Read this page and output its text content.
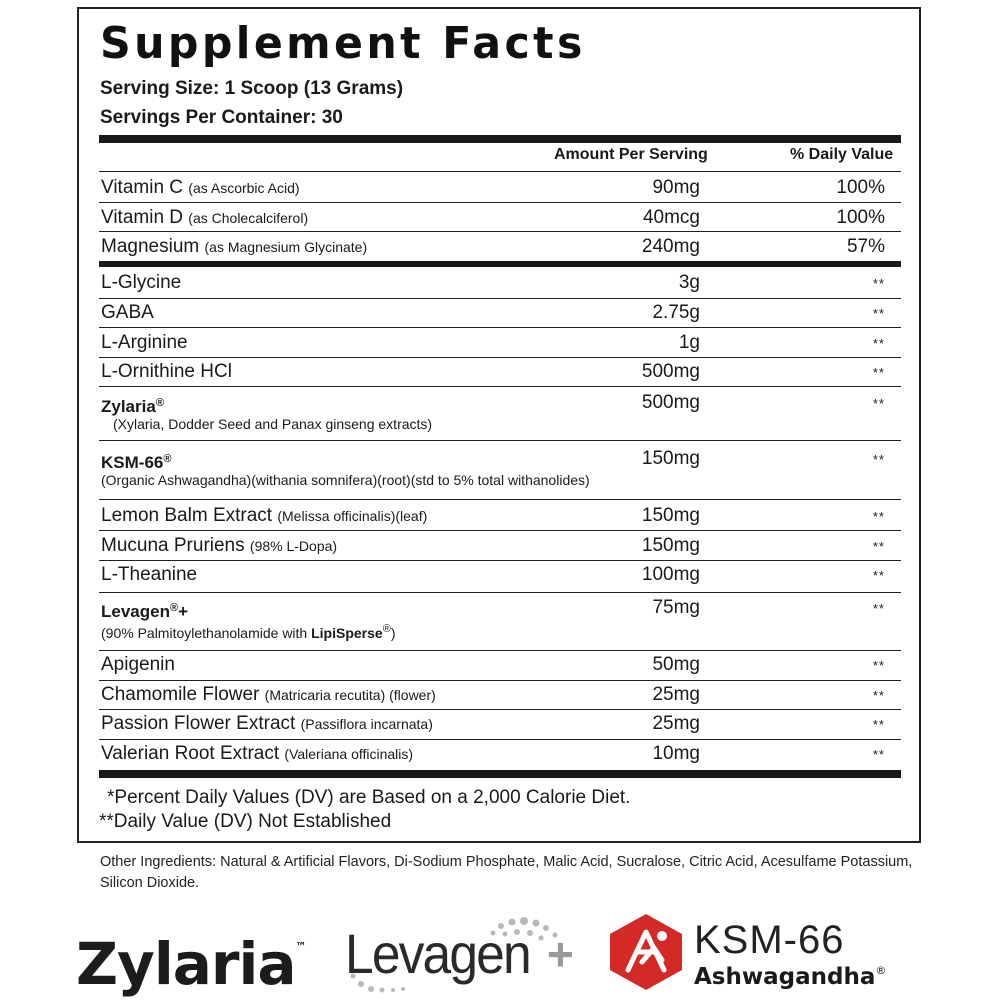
Supplement Facts
Serving Size: 1 Scoop (13 Grams)
Servings Per Container: 30
Amount Per Serving	% Daily Value
Vitamin C (as Ascorbic Acid)	90mg	100%
Vitamin D (as Cholecalciferol)	40mcg	100%
Magnesium (as Magnesium Glycinate)	240mg	57%
L-Glycine	3g	**
GABA	2.75g	**
L-Arginine	1g	**
L-Ornithine HCl	500mg	**
Zylaria®
(Xylaria, Dodder Seed and Panax ginseng extracts)
500mg	**
KSM-66®
(Organic Ashwagandha)(withania somnifera)(root)(std to 5% total withanolides)
150mg	**
Lemon Balm Extract (Melissa officinalis)(leaf)	150mg	**
Mucuna Pruriens (98% L-Dopa)	150mg	**
L-Theanine	100mg	**
Levagen®+
(90% Palmitoylethanolamide with LipiSperse®)
75mg	**
Apigenin	50mg	**
Chamomile Flower (Matricaria recutita) (flower)	25mg	**
Passion Flower Extract (Passiflora incarnata)	25mg	**
Valerian Root Extract (Valeriana officinalis)	10mg	**
*Percent Daily Values (DV) are Based on a 2,000 Calorie Diet.
**Daily Value (DV) Not Established
Other Ingredients: Natural & Artificial Flavors, Di-Sodium Phosphate, Malic Acid, Sucralose, Citric Acid, Acesulfame Potassium, Silicon Dioxide.
Zylaria™ Levagen +	KSM-66
Ashwagandha®
